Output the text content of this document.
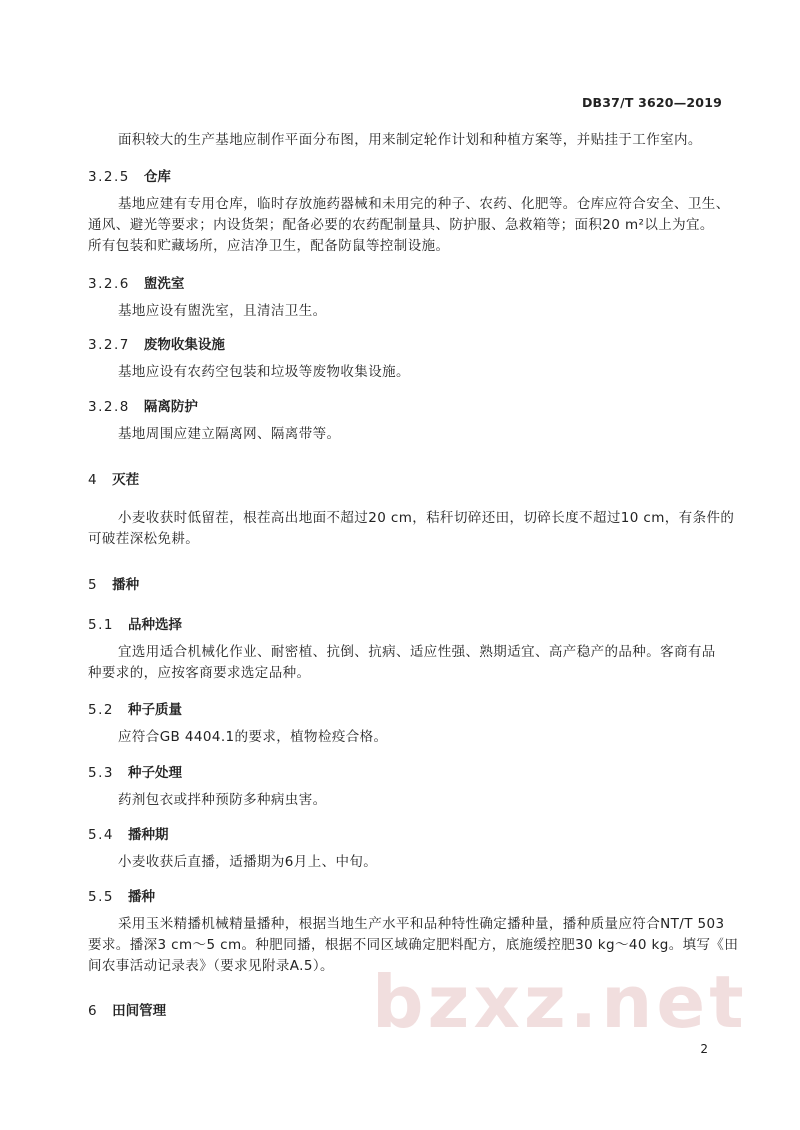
DB37/T 3620—2019
面积较大的生产基地应制作平面分布图，用来制定轮作计划和种植方案等，并贴挂于工作室内。
3.2.5 仓库
基地应建有专用仓库，临时存放施药器械和未用完的种子、农药、化肥等。仓库应符合安全、卫生、
通风、避光等要求；内设货架；配备必要的农药配制量具、防护服、急救箱等；面积20 m²以上为宜。
所有包装和贮藏场所，应洁净卫生，配备防鼠等控制设施。
3.2.6 盥洗室
基地应设有盥洗室，且清洁卫生。
3.2.7 废物收集设施
基地应设有农药空包装和垃圾等废物收集设施。
3.2.8 隔离防护
基地周围应建立隔离网、隔离带等。
4 灭茬
小麦收获时低留茬，根茬高出地面不超过20 cm，秸秆切碎还田，切碎长度不超过10 cm，有条件的
可破茬深松免耕。
5 播种
5.1 品种选择
宜选用适合机械化作业、耐密植、抗倒、抗病、适应性强、熟期适宜、高产稳产的品种。客商有品
种要求的，应按客商要求选定品种。
5.2 种子质量
应符合GB 4404.1的要求，植物检疫合格。
5.3 种子处理
药剂包衣或拌种预防多种病虫害。
5.4 播种期
小麦收获后直播，适播期为6月上、中旬。
5.5 播种
采用玉米精播机械精量播种，根据当地生产水平和品种特性确定播种量，播种质量应符合NT/T 503
要求。播深3 cm～5 cm。种肥同播，根据不同区域确定肥料配方，底施缓控肥30 kg～40 kg。填写《田
间农事活动记录表》（要求见附录A.5）。
6 田间管理	bzxz.net
2
